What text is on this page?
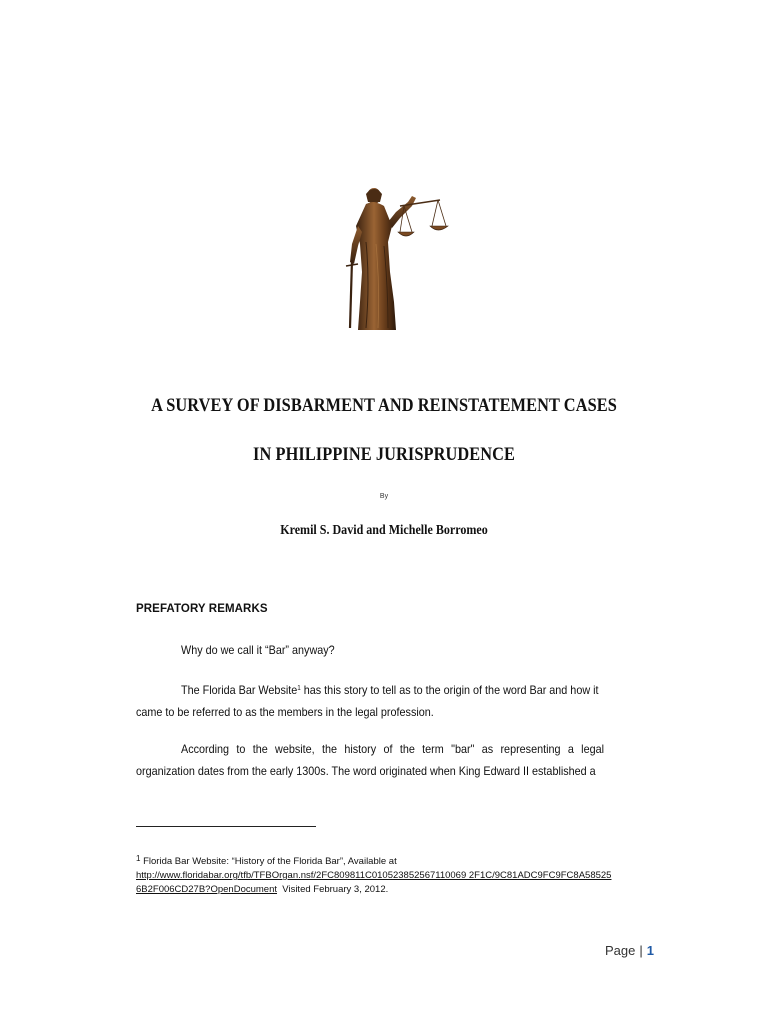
A SURVEY OF DISBARMENT AND REINSTATEMENT CASES
IN PHILIPPINE JURISPRUDENCE
By
Kremil S. David and Michelle Borromeo
PREFATORY REMARKS
Why do we call it “Bar” anyway?
The Florida Bar Website$^1$ has this story to tell as to the origin of the word Bar and how it
came to be referred to as the members in the legal profession.
According to the website, the history of the term "bar" as representing a legal
organization dates from the early 1300s. The word originated when King Edward II established a
$^1$ Florida Bar Website: “History of the Florida Bar”, Available at
http://www.floridabar.org/tfb/TFBOrgan.nsf/2FC809811C010523852567110069 2F1C/9C81ADC9FC9FC8A58525
6B2F006CD27B?OpenDocument  Visited February 3, 2012.
Page | 1
